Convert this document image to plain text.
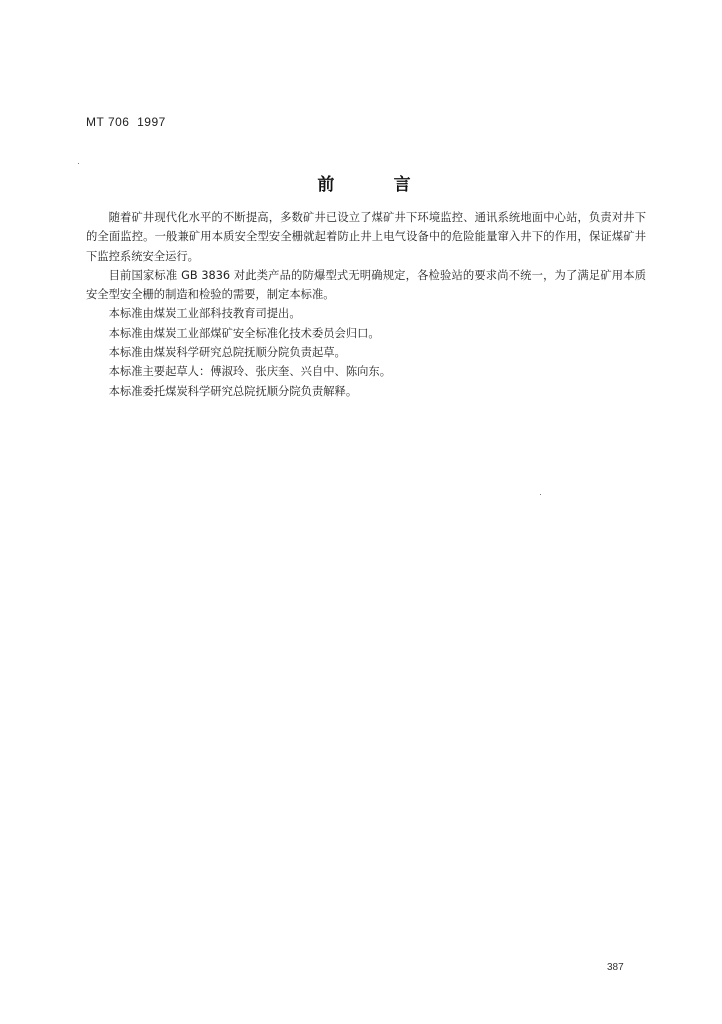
MT 706  1997
前          言

随着矿井现代化水平的不断提高，多数矿井已设立了煤矿井下环境监控、通讯系统地面中心站，负责对井下的全面监控。一般兼矿用本质安全型安全栅就起着防止井上电气设备中的危险能量窜入井下的作用，保证煤矿井下监控系统安全运行。

目前国家标准 GB 3836 对此类产品的防爆型式无明确规定，各检验站的要求尚不统一，为了满足矿用本质安全型安全栅的制造和检验的需要，制定本标准。

本标准由煤炭工业部科技教育司提出。

本标准由煤炭工业部煤矿安全标准化技术委员会归口。

本标准由煤炭科学研究总院抚顺分院负责起草。

本标准主要起草人：傅淑玲、张庆奎、兴自中、陈向东。

本标准委托煤炭科学研究总院抚顺分院负责解释。

387
